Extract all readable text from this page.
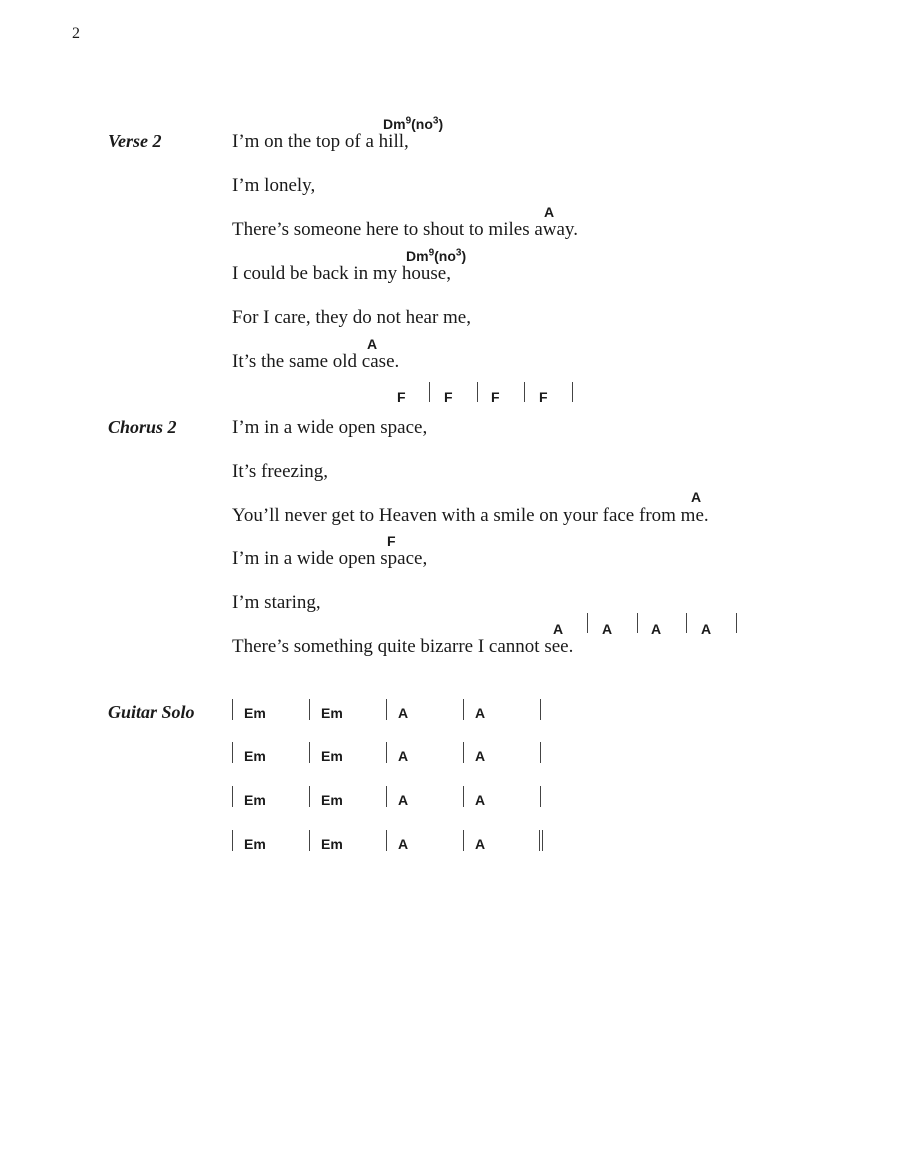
2
Verse 2
$Dm^9(no^3)$
I’m on the top of a hill,
I’m lonely,
A
There’s someone here to shout to miles away.
$Dm^9(no^3)$
I could be back in my house,
For I care, they do not hear me,
A
It’s the same old case.
F	F	F	F
Chorus 2	I’m in a wide open space,
It’s freezing,
A
You’ll never get to Heaven with a smile on your face from me.
F
I’m in a wide open space,
I’m staring,
A	A	A	A
There’s something quite bizarre I cannot see.
Guitar Solo	Em	Em	A	A
Em	Em	A	A
Em	Em	A	A
Em	Em	A	A
